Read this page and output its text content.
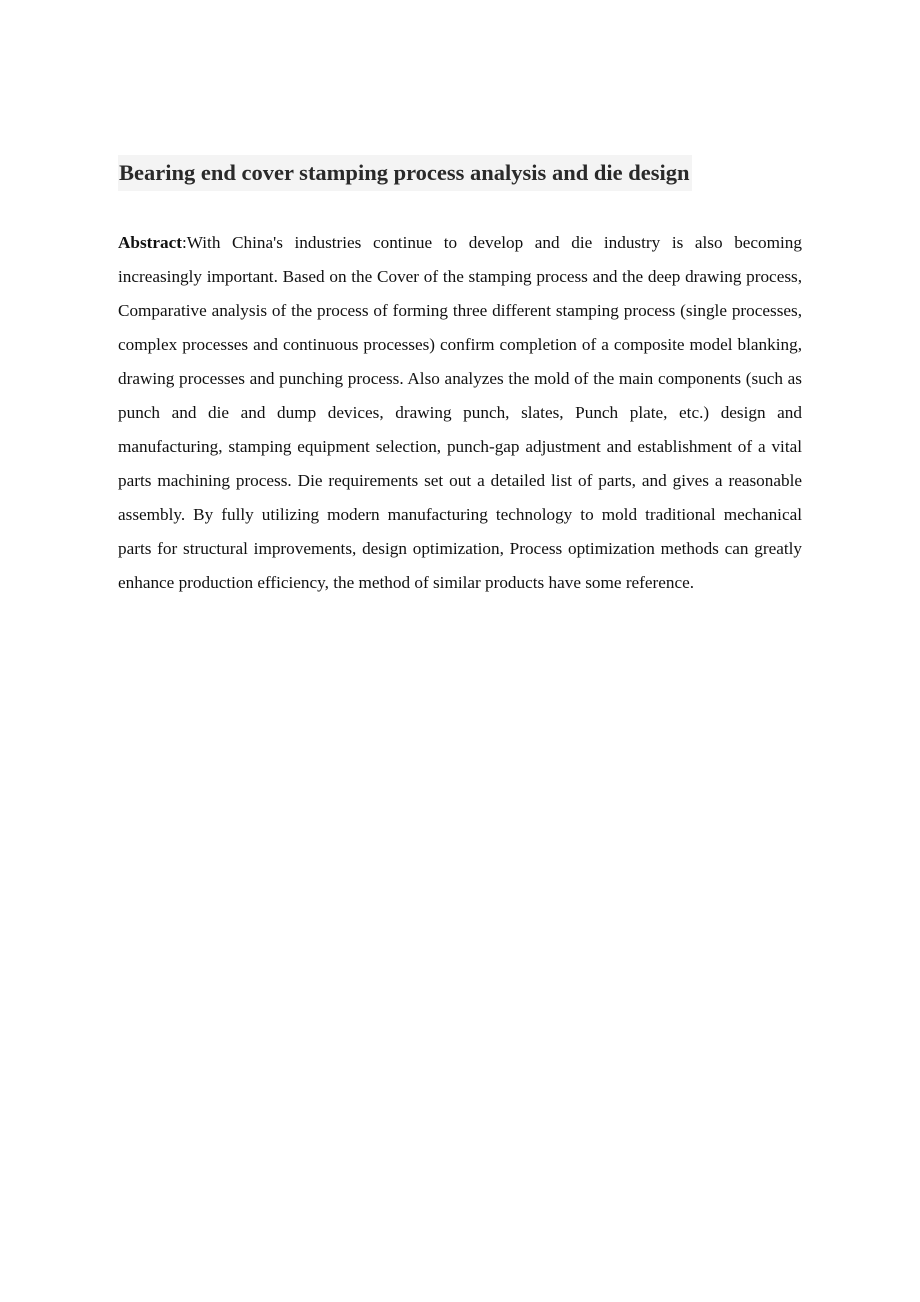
Bearing end cover stamping process analysis and die design

Abstract:With China's industries continue to develop and die industry is also becoming increasingly important. Based on the Cover of the stamping process and the deep drawing process, Comparative analysis of the process of forming three different stamping process (single processes, complex processes and continuous processes) confirm completion of a composite model blanking, drawing processes and punching process. Also analyzes the mold of the main components (such as punch and die and dump devices, drawing punch, slates, Punch plate, etc.) design and manufacturing, stamping equipment selection, punch-gap adjustment and establishment of a vital parts machining process. Die requirements set out a detailed list of parts, and gives a reasonable assembly. By fully utilizing modern manufacturing technology to mold traditional mechanical parts for structural improvements, design optimization, Process optimization methods can greatly enhance production efficiency, the method of similar products have some reference.
